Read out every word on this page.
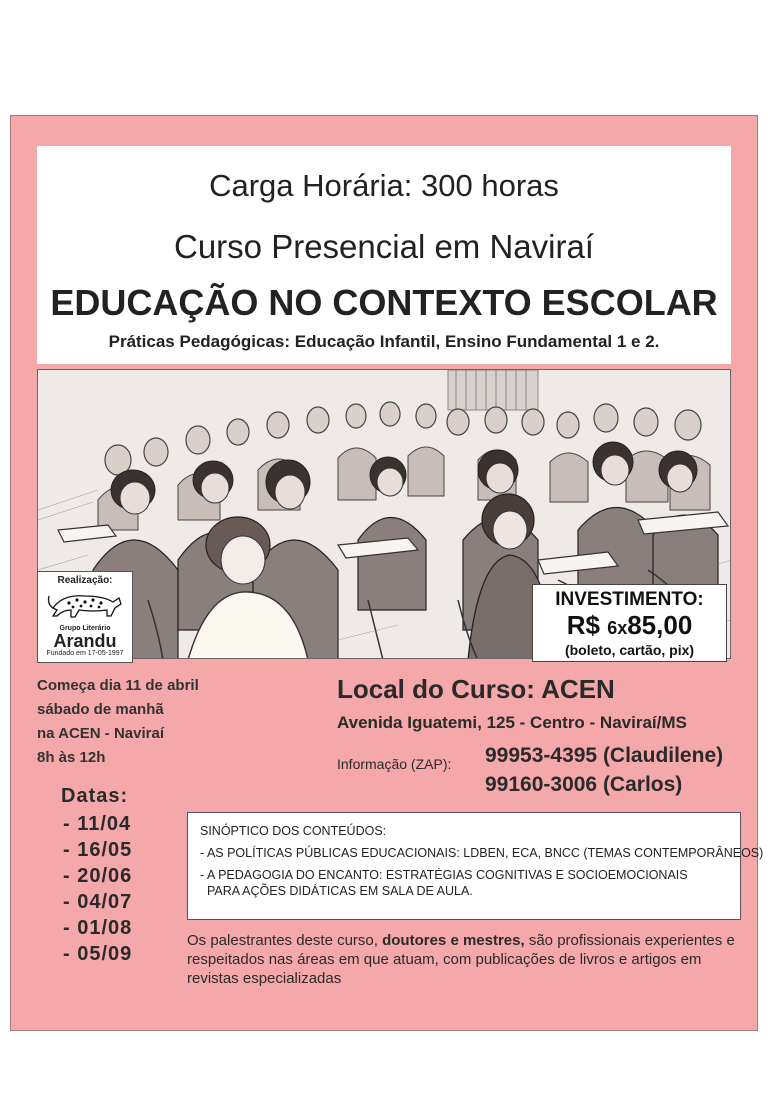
Carga Horária: 300 horas
Curso Presencial em Naviraí
EDUCAÇÃO NO CONTEXTO ESCOLAR
Práticas Pedagógicas: Educação Infantil, Ensino Fundamental 1 e 2.
Realização:
Grupo Literário
Arandu
Fundado em 17-05-1997
INVESTIMENTO:
R$ 6x85,00
(boleto, cartão, pix)
Começa dia 11 de abril
sábado de manhã
na ACEN - Naviraí
8h às 12h
Local do Curso: ACEN
Avenida Iguatemi, 125 - Centro - Naviraí/MS
Informação (ZAP): 99953-4395 (Claudilene)
99160-3006 (Carlos)
Datas:
- 11/04
- 16/05
- 20/06
- 04/07
- 01/08
- 05/09
SINÓPTICO DOS CONTEÚDOS:
- AS POLÍTICAS PÚBLICAS EDUCACIONAIS: LDBEN, ECA, BNCC (TEMAS CONTEMPORÂNEOS)
- A PEDAGOGIA DO ENCANTO: ESTRATÉGIAS COGNITIVAS E SOCIOEMOCIONAIS
PARA AÇÕES DIDÁTICAS EM SALA DE AULA.
Os palestrantes deste curso, doutores e mestres, são profissionais experientes e respeitados nas áreas em que atuam, com publicações de livros e artigos em revistas especializadas
